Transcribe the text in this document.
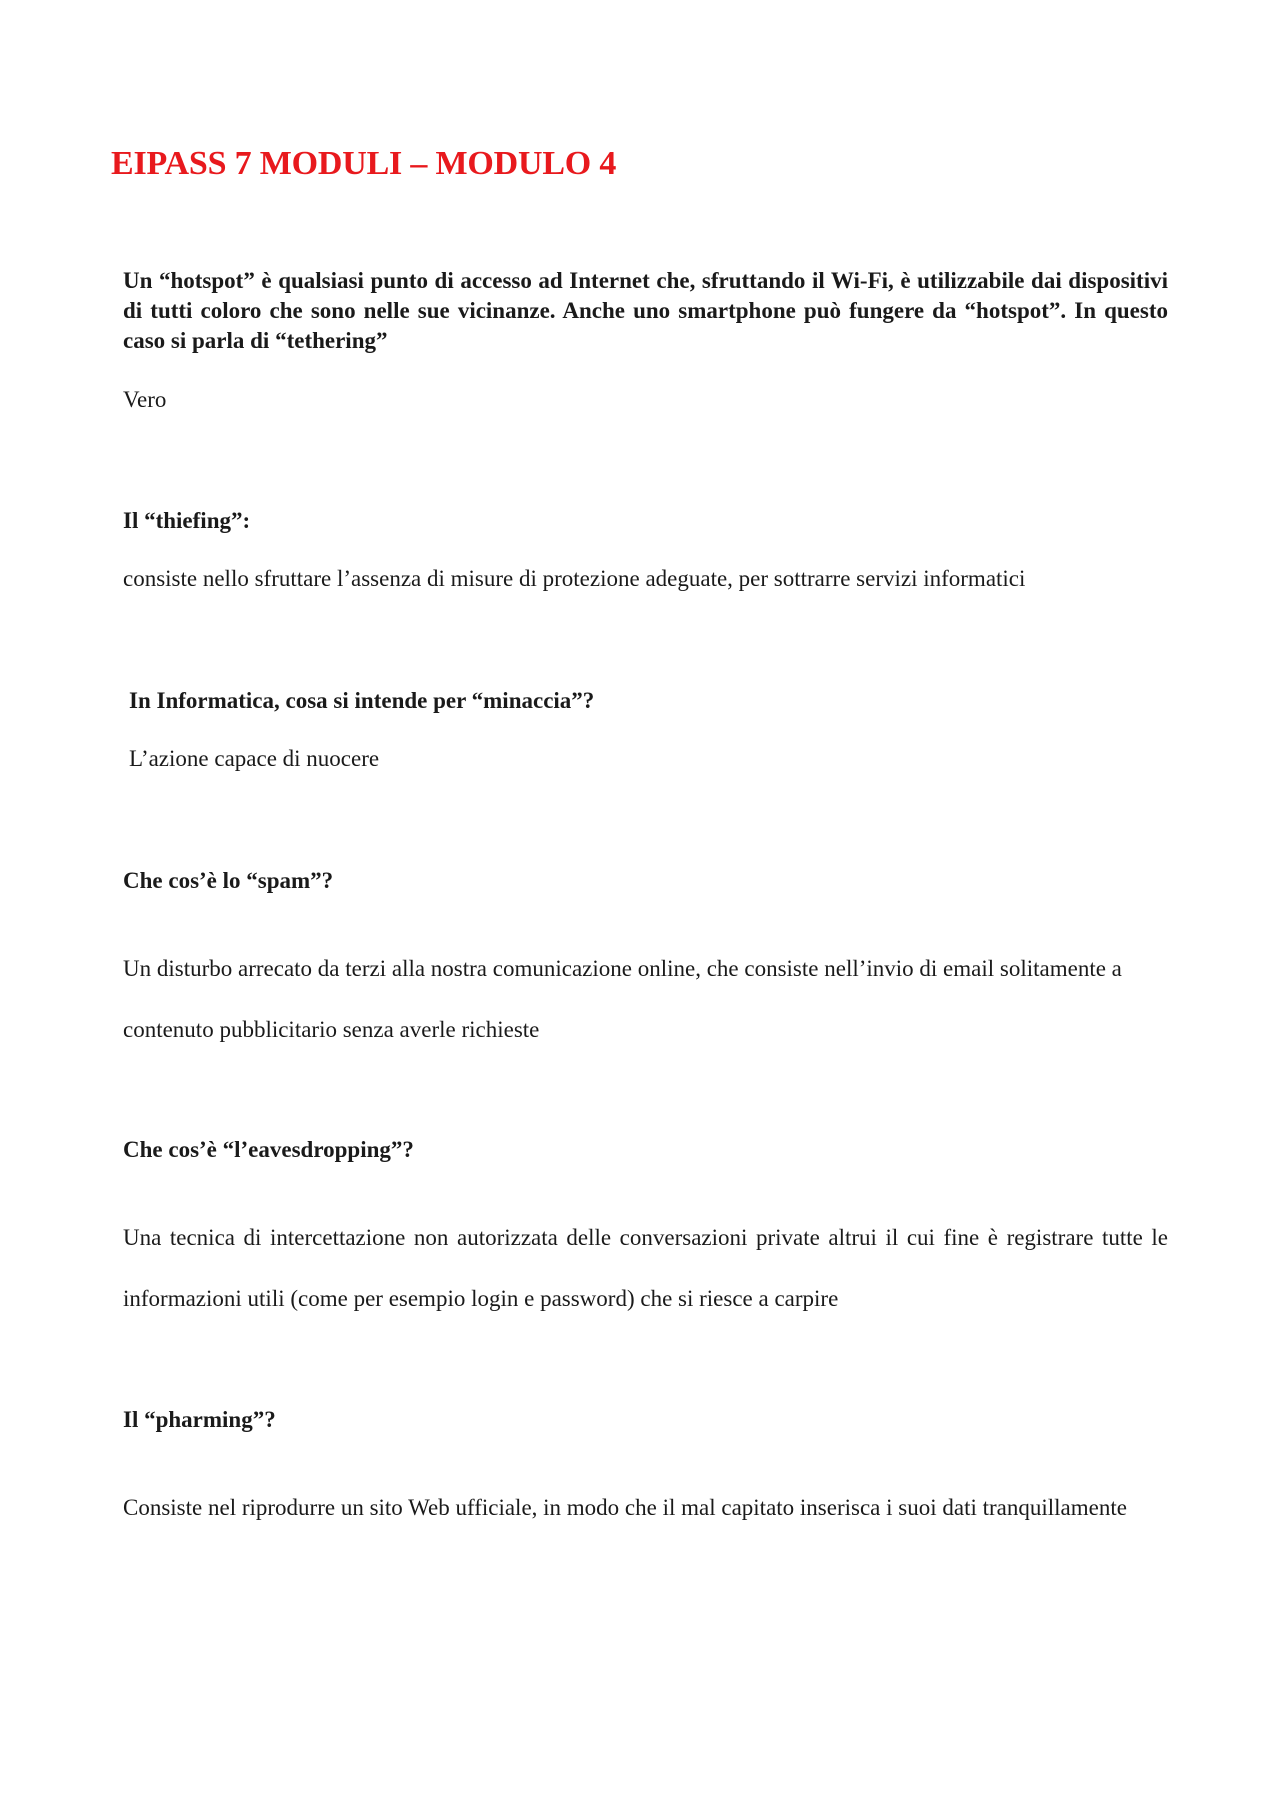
EIPASS 7 MODULI – MODULO 4

Un “hotspot” è qualsiasi punto di accesso ad Internet che, sfruttando il Wi-Fi, è utilizzabile dai dispositivi di tutti coloro che sono nelle sue vicinanze. Anche uno smartphone può fungere da “hotspot”. In questo caso si parla di “tethering”

Vero

Il “thiefing”:

consiste nello sfruttare l’assenza di misure di protezione adeguate, per sottrarre servizi informatici

In Informatica, cosa si intende per “minaccia”?

L’azione capace di nuocere

Che cos’è lo “spam”?

Un disturbo arrecato da terzi alla nostra comunicazione online, che consiste nell’invio di email solitamente a contenuto pubblicitario senza averle richieste

Che cos’è “l’eavesdropping”?

Una tecnica di intercettazione non autorizzata delle conversazioni private altrui il cui fine è registrare tutte le informazioni utili (come per esempio login e password) che si riesce a carpire

Il “pharming”?

Consiste nel riprodurre un sito Web ufficiale, in modo che il mal capitato inserisca i suoi dati tranquillamente
